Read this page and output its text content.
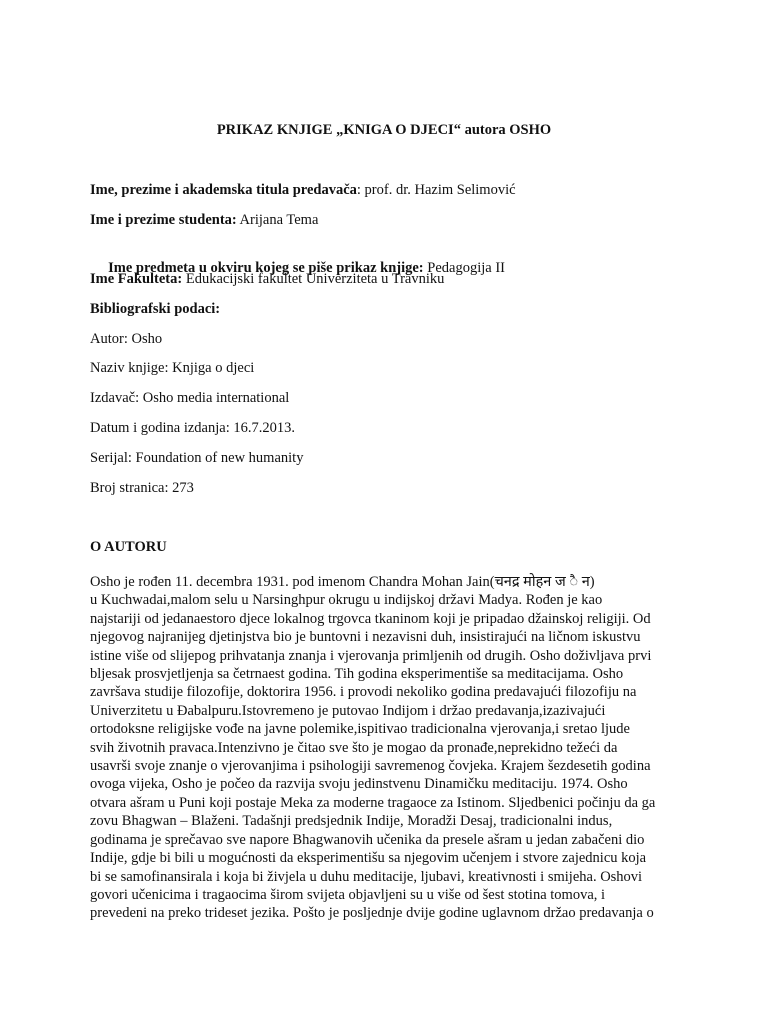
PRIKAZ KNJIGE „KNIGA O DJECI“ autora OSHO
Ime, prezime i akademska titula predavača: prof. dr. Hazim Selimović
Ime i prezime studenta: Arijana Tema

Ime predmeta u okviru kojeg se piše prikaz knjige: Pedagogija II

Ime Fakulteta: Edukacijski fakultet Univerziteta u Travniku
Bibliografski podaci:
Autor: Osho
Naziv knjige: Knjiga o djeci
Izdavač: Osho media international
Datum i godina izdanja: 16.7.2013.
Serijal: Foundation of new humanity
Broj stranica: 273
O AUTORU

Osho je rođen 11. decembra 1931. pod imenom Chandra Mohan Jain(चनद्र मोहन ज ै न)
u Kuchwadai,malom selu u Narsinghpur okrugu u indijskoj državi Madya. Rođen je kao
najstariji od jedanaestoro djece lokalnog trgovca tkaninom koji je pripadao džainskoj religiji. Od
njegovog najranijeg djetinjstva bio je buntovni i nezavisni duh, insistirajući na ličnom iskustvu
istine više od slijepog prihvatanja znanja i vjerovanja primljenih od drugih. Osho doživljava prvi
bljesak prosvjetljenja sa četrnaest godina. Tih godina eksperimentiše sa meditacijama. Osho
završava studije filozofije, doktorira 1956. i provodi nekoliko godina predavajući filozofiju na
Univerzitetu u Đabalpuru.Istovremeno je putovao Indijom i držao predavanja,izazivajući
ortodoksne religijske vođe na javne polemike,ispitivao tradicionalna vjerovanja,i sretao ljude
svih životnih pravaca.Intenzivno je čitao sve što je mogao da pronađe,neprekidno težeći da
usavrši svoje znanje o vjerovanjima i psihologiji savremenog čovjeka. Krajem šezdesetih godina
ovoga vijeka, Osho je počeo da razvija svoju jedinstvenu Dinamičku meditaciju. 1974. Osho
otvara ašram u Puni koji postaje Meka za moderne tragaoce za Istinom. Sljedbenici počinju da ga
zovu Bhagwan – Blaženi. Tadašnji predsjednik Indije, Moradži Desaj, tradicionalni indus,
godinama je sprečavao sve napore Bhagwanovih učenika da presele ašram u jedan zabačeni dio
Indije, gdje bi bili u mogućnosti da eksperimentišu sa njegovim učenjem i stvore zajednicu koja
bi se samofinansirala i koja bi živjela u duhu meditacije, ljubavi, kreativnosti i smijeha. Oshovi
govori učenicima i tragaocima širom svijeta objavljeni su u više od šest stotina tomova, i
prevedeni na preko trideset jezika. Pošto je posljednje dvije godine uglavnom držao predavanja o
